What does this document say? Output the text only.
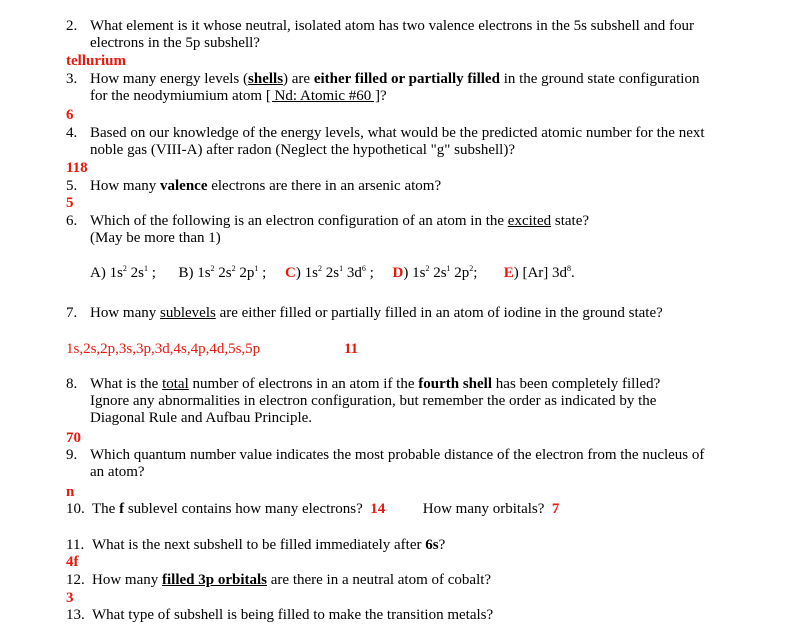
2. What element is it whose neutral, isolated atom has two valence electrons in the 5s subshell and four
electrons in the 5p subshell?
tellurium
3. How many energy levels (shells) are either filled or partially filled in the ground state configuration
for the neodymiumium atom [ Nd: Atomic #60 ]?
6
4. Based on our knowledge of the energy levels, what would be the predicted atomic number for the next
noble gas (VIII-A) after radon (Neglect the hypothetical "g" subshell)?
118
5. How many valence electrons are there in an arsenic atom?
5
6. Which of the following is an electron configuration of an atom in the excited state?
(May be more than 1)
A) $1s^2$ $2s^1$ ; B) $1s^2$ $2s^2$ $2p^1$ ; C) $1s^2$ $2s^1$ $3d^6$ ; D) $1s^2$ $2s^1$ $2p^2$; E) [Ar] $3d^8$.
7. How many sublevels are either filled or partially filled in an atom of iodine in the ground state?
1s,2s,2p,3s,3p,3d,4s,4p,4d,5s,5p	11
8. What is the total number of electrons in an atom if the fourth shell has been completely filled?
Ignore any abnormalities in electron configuration, but remember the order as indicated by the
Diagonal Rule and Aufbau Principle.
70
9. Which quantum number value indicates the most probable distance of the electron from the nucleus of
an atom?
n
10. The f sublevel contains how many electrons? 14	How many orbitals? 7
11. What is the next subshell to be filled immediately after 6s?
4f
12. How many filled 3p orbitals are there in a neutral atom of cobalt?
3
13. What type of subshell is being filled to make the transition metals?
